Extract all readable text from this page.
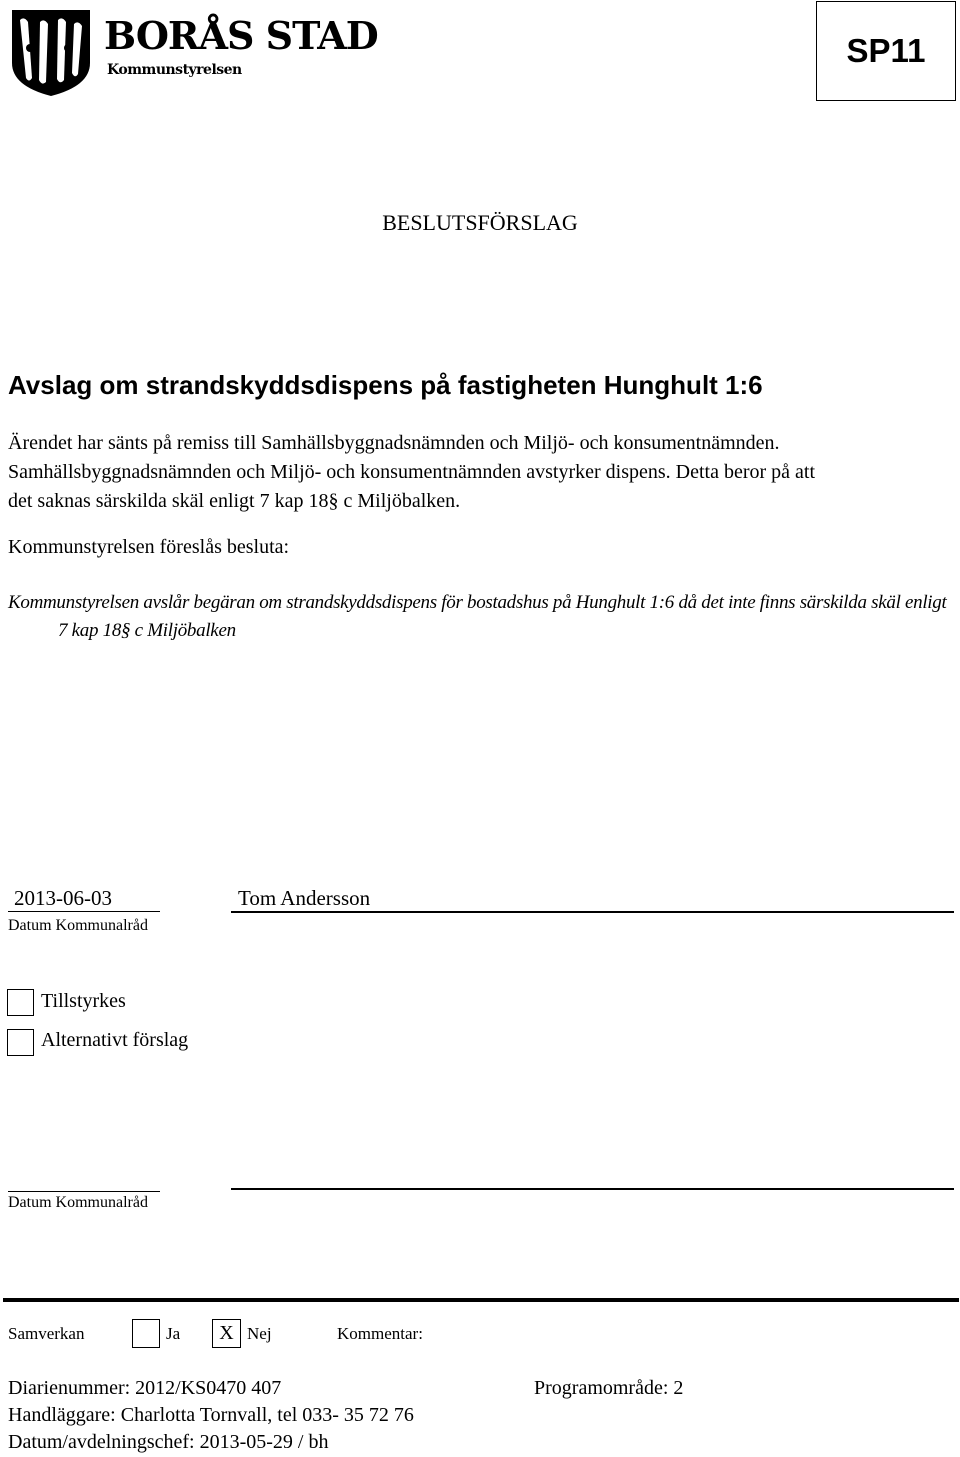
BORÅS STAD
Kommunstyrelsen
SP11
BESLUTSFÖRSLAG
Avslag om strandskyddsdispens på fastigheten Hunghult 1:6

Ärendet har sänts på remiss till Samhällsbyggnadsnämnden och Miljö- och konsumentnämnden.

Samhällsbyggnadsnämnden och Miljö- och konsumentnämnden avstyrker dispens. Detta beror på att

det saknas särskilda skäl enligt 7 kap 18§ c Miljöbalken.

Kommunstyrelsen föreslås besluta:
Kommunstyrelsen avslår begäran om strandskyddsdispens för bostadshus på Hunghult 1:6 då det inte finns särskilda skäl enligt 7 kap 18§ c Miljöbalken
2013-06-03	Tom Andersson
Datum Kommunalråd
Tillstyrkes
Alternativt förslag
Datum Kommunalråd
Samverkan	Ja X Nej	Kommentar:
Diarienummer: 2012/KS0470 407	Programområde: 2
Handläggare: Charlotta Tornvall, tel 033- 35 72 76
Datum/avdelningschef: 2013-05-29 / bh
